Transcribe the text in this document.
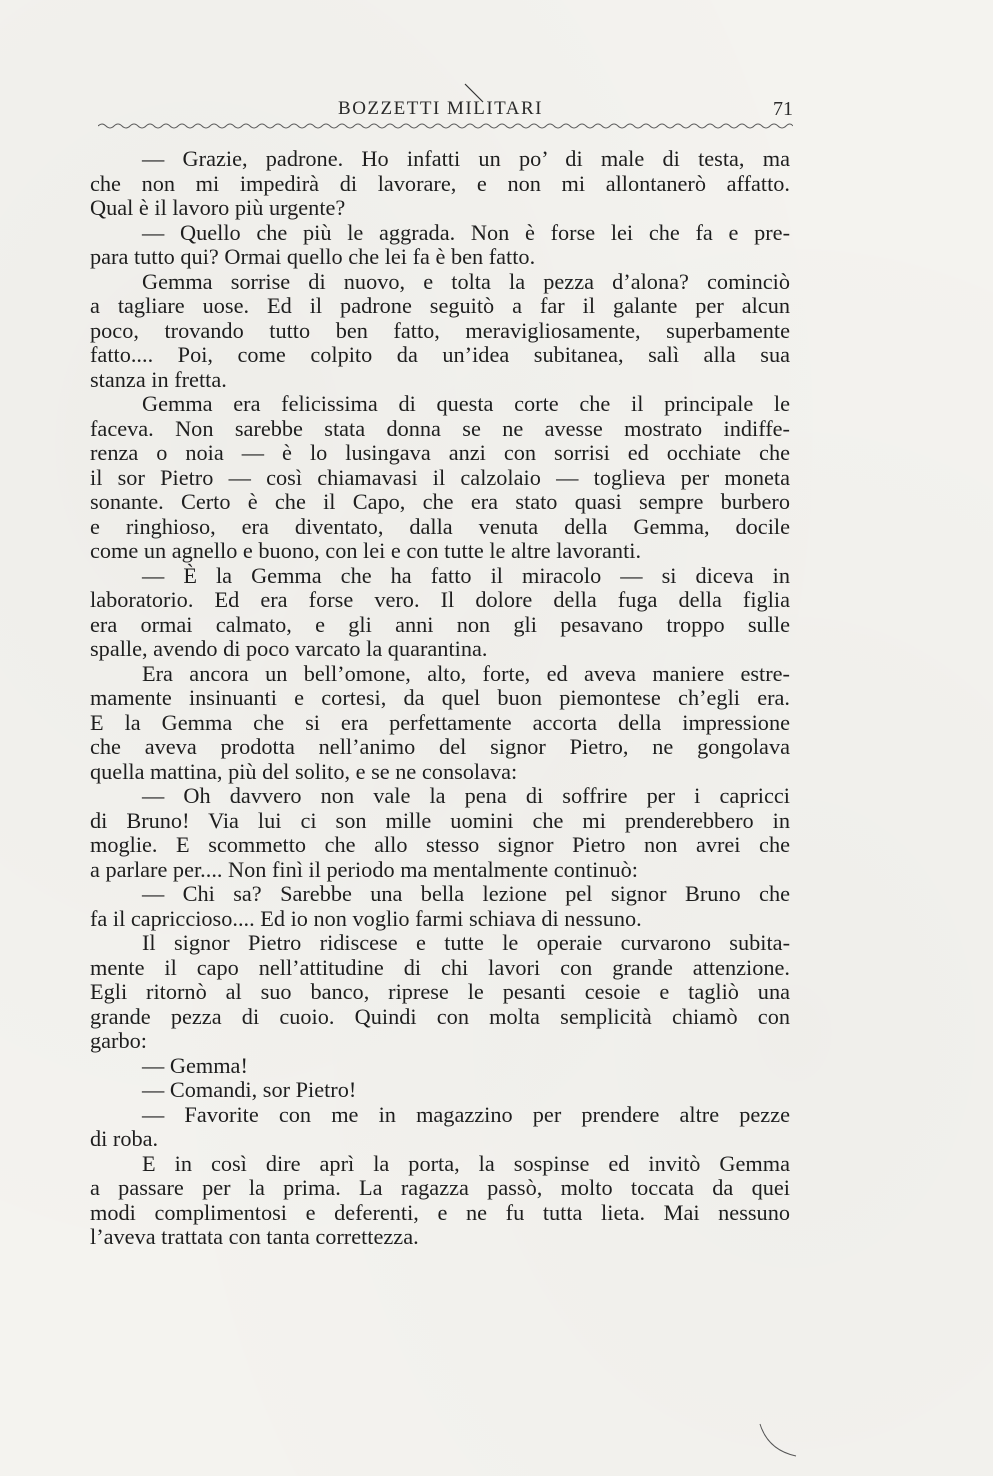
BOZZETTI MILITARI	71
— Grazie, padrone. Ho infatti un po’ di male di testa, ma
che non mi impedirà di lavorare, e non mi allontanerò affatto.
Qual è il lavoro più urgente?
— Quello che più le aggrada. Non è forse lei che fa e pre-
para tutto qui? Ormai quello che lei fa è ben fatto.
Gemma sorrise di nuovo, e tolta la pezza d’alona? cominciò
a tagliare uose. Ed il padrone seguitò a far il galante per alcun
poco, trovando tutto ben fatto, meravigliosamente, superbamente
fatto.... Poi, come colpito da un’idea subitanea, salì alla sua
stanza in fretta.
Gemma era felicissima di questa corte che il principale le
faceva. Non sarebbe stata donna se ne avesse mostrato indiffe-
renza o noia — è lo lusingava anzi con sorrisi ed occhiate che
il sor Pietro — così chiamavasi il calzolaio — toglieva per moneta
sonante. Certo è che il Capo, che era stato quasi sempre burbero
e ringhioso, era diventato, dalla venuta della Gemma, docile
come un agnello e buono, con lei e con tutte le altre lavoranti.
— È la Gemma che ha fatto il miracolo — si diceva in
laboratorio. Ed era forse vero. Il dolore della fuga della figlia
era ormai calmato, e gli anni non gli pesavano troppo sulle
spalle, avendo di poco varcato la quarantina.
Era ancora un bell’omone, alto, forte, ed aveva maniere estre-
mamente insinuanti e cortesi, da quel buon piemontese ch’egli era.
E la Gemma che si era perfettamente accorta della impressione
che aveva prodotta nell’animo del signor Pietro, ne gongolava
quella mattina, più del solito, e se ne consolava:
— Oh davvero non vale la pena di soffrire per i capricci
di Bruno! Via lui ci son mille uomini che mi prenderebbero in
moglie. E scommetto che allo stesso signor Pietro non avrei che
a parlare per.... Non finì il periodo ma mentalmente continuò:
— Chi sa? Sarebbe una bella lezione pel signor Bruno che
fa il capriccioso.... Ed io non voglio farmi schiava di nessuno.
Il signor Pietro ridiscese e tutte le operaie curvarono subita-
mente il capo nell’attitudine di chi lavori con grande attenzione.
Egli ritornò al suo banco, riprese le pesanti cesoie e tagliò una
grande pezza di cuoio. Quindi con molta semplicità chiamò con
garbo:
— Gemma!
— Comandi, sor Pietro!
— Favorite con me in magazzino per prendere altre pezze
di roba.
E in così dire aprì la porta, la sospinse ed invitò Gemma
a passare per la prima. La ragazza passò, molto toccata da quei
modi complimentosi e deferenti, e ne fu tutta lieta. Mai nessuno
l’aveva trattata con tanta correttezza.
